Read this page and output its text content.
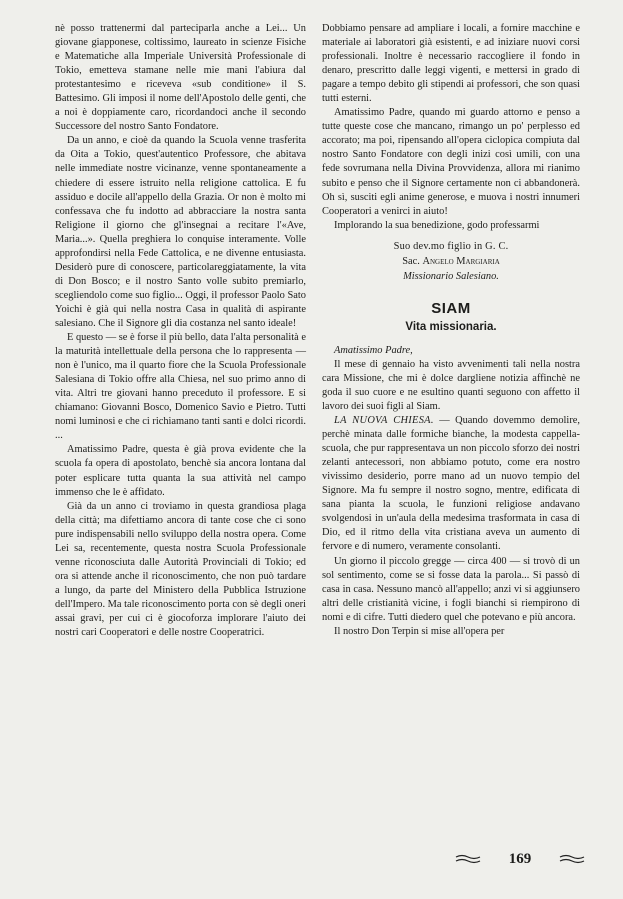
nè posso trattenermi dal parteciparla anche a Lei... Un giovane giapponese, coltissimo, laureato in scienze Fisiche e Matematiche alla Imperiale Università Professionale di Tokio, emetteva stamane nelle mie mani l'abiura dal protestantesimo e riceveva «sub conditione» il S. Battesimo. Gli imposi il nome dell'Apostolo delle genti, che a noi è doppiamente caro, ricordandoci anche il secondo Successore del nostro Santo Fondatore.

Da un anno, e cioè da quando la Scuola venne trasferita da Oita a Tokio, quest'autentico Professore, che abitava nelle immediate nostre vicinanze, venne spontaneamente a chiedere di essere istruito nella religione cattolica. E fu assiduo e docile all'appello della Grazia. Or non è molto mi confessava che fu indotto ad abbracciare la nostra santa Religione il giorno che gl'insegnai a recitare l'«Ave, Maria...». Quella preghiera lo conquise interamente. Volle approfondirsi nella Fede Cattolica, e ne divenne entusiasta. Desiderò pure di conoscere, particolareggiatamente, la vita di Don Bosco; e il nostro Santo volle subito premiarlo, scegliendolo come suo figlio... Oggi, il professor Paolo Sato Yoichi è già qui nella nostra Casa in qualità di aspirante salesiano. Che il Signore gli dia costanza nel santo ideale!

E questo — se è forse il più bello, data l'alta personalità e la maturità intellettuale della persona che lo rappresenta — non è l'unico, ma il quarto fiore che la Scuola Professionale Salesiana di Tokio offre alla Chiesa, nel suo primo anno di vita. Altri tre giovani hanno preceduto il professore. E si chiamano: Giovanni Bosco, Domenico Savio e Pietro. Tutti nomi luminosi e che ci richiamano tanti santi e dolci ricordi. ...

Amatissimo Padre, questa è già prova evidente che la scuola fa opera di apostolato, benchè sia ancora lontana dal poter esplicare tutta quanta la sua attività nel campo immenso che le è affidato.

Già da un anno ci troviamo in questa grandiosa plaga della città; ma difettiamo ancora di tante cose che ci sono pure indispensabili nello sviluppo della nostra opera. Come Lei sa, recentemente, questa nostra Scuola Professionale venne riconosciuta dalle Autorità Provinciali di Tokio; ed ora si attende anche il riconoscimento, che non può tardare a lungo, da parte del Ministero della Pubblica Istruzione dell'Impero. Ma tale riconoscimento porta con sè degli oneri assai gravi, per cui ci è giocoforza implorare l'aiuto dei nostri cari Cooperatori e delle nostre Cooperatrici.

Dobbiamo pensare ad ampliare i locali, a fornire macchine e materiale ai laboratori già esistenti, e ad iniziare nuovi corsi professionali. Inoltre è necessario raccogliere il fondo in denaro, prescritto dalle leggi vigenti, e mettersi in grado di pagare a tempo debito gli stipendi ai professori, che son quasi tutti esterni.

Amatissimo Padre, quando mi guardo attorno e penso a tutte queste cose che mancano, rimango un po' perplesso ed accorato; ma poi, ripensando all'opera ciclopica compiuta dal nostro Santo Fondatore con degli inizi così umili, con una fede sovrumana nella Divina Provvidenza, allora mi rianimo subito e penso che il Signore certamente non ci abbandonerà. Oh sì, susciti egli anime generose, e muova i nostri innumeri Cooperatori a venirci in aiuto!

Implorando la sua benedizione, godo professarmi

Suo dev.mo figlio in G. C.
Sac. Angelo Margiaria
Missionario Salesiano.
SIAM
Vita missionaria.

Amatissimo Padre,

Il mese di gennaio ha visto avvenimenti tali nella nostra cara Missione, che mi è dolce dargliene notizia affinchè ne goda il suo cuore e ne esultino quanti seguono con affetto il lavoro dei suoi figli al Siam.

LA NUOVA CHIESA. — Quando dovemmo demolire, perchè minata dalle formiche bianche, la modesta cappella-scuola, che pur rappresentava un non piccolo sforzo dei nostri zelanti antecessori, non abbiamo potuto, come era nostro vivissimo desiderio, porre mano ad un nuovo tempio del Signore. Ma fu sempre il nostro sogno, mentre, edificata di sana pianta la scuola, le funzioni religiose andavano svolgendosi in un'aula della medesima trasformata in casa di Dio, ed il ritmo della vita cristiana aveva un aumento di fervore e di numero, veramente consolanti.

Un giorno il piccolo gregge — circa 400 — si trovò di un sol sentimento, come se si fosse data la parola... Si passò di casa in casa. Nessuno mancò all'appello; anzi vi si aggiunsero altri delle cristianità vicine, i fogli bianchi si riempirono di nomi e di cifre. Tutti diedero quel che potevano e più ancora.

Il nostro Don Terpin si mise all'opera per

169
